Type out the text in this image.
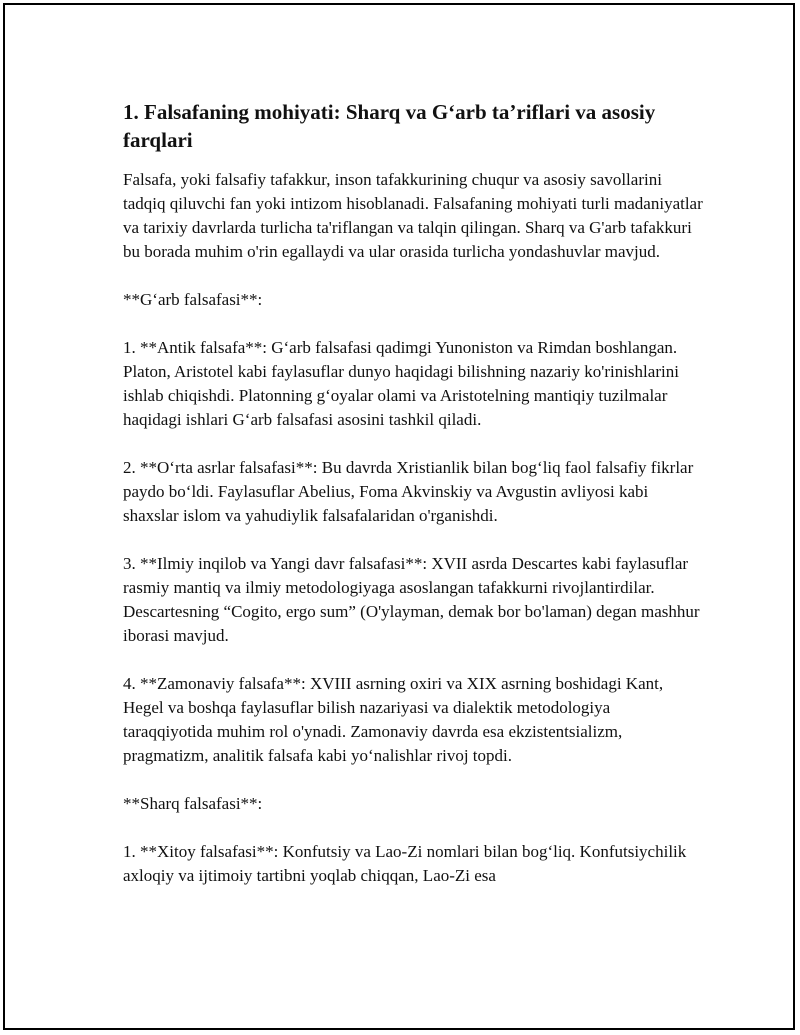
1. Falsafaning mohiyati: Sharq va G‘arb ta’riflari va asosiy farqlari

Falsafa, yoki falsafiy tafakkur, inson tafakkurining chuqur va asosiy savollarini tadqiq qiluvchi fan yoki intizom hisoblanadi. Falsafaning mohiyati turli madaniyatlar va tarixiy davrlarda turlicha ta'riflangan va talqin qilingan. Sharq va G'arb tafakkuri bu borada muhim o'rin egallaydi va ular orasida turlicha yondashuvlar mavjud.

**G‘arb falsafasi**:

1. **Antik falsafa**: G‘arb falsafasi qadimgi Yunoniston va Rimdan boshlangan. Platon, Aristotel kabi faylasuflar dunyo haqidagi bilishning nazariy ko'rinishlarini ishlab chiqishdi. Platonning g‘oyalar olami va Aristotelning mantiqiy tuzilmalar haqidagi ishlari G‘arb falsafasi asosini tashkil qiladi.

2. **O‘rta asrlar falsafasi**: Bu davrda Xristianlik bilan bog‘liq faol falsafiy fikrlar paydo bo‘ldi. Faylasuflar Abelius, Foma Akvinskiy va Avgustin avliyosi kabi shaxslar islom va yahudiylik falsafalaridan o'rganishdi.

3. **Ilmiy inqilob va Yangi davr falsafasi**: XVII asrda Descartes kabi faylasuflar rasmiy mantiq va ilmiy metodologiyaga asoslangan tafakkurni rivojlantirdilar. Descartesning “Cogito, ergo sum” (O'ylayman, demak bor bo'laman) degan mashhur iborasi mavjud.

4. **Zamonaviy falsafa**: XVIII asrning oxiri va XIX asrning boshidagi Kant, Hegel va boshqa faylasuflar bilish nazariyasi va dialektik metodologiya taraqqiyotida muhim rol o'ynadi. Zamonaviy davrda esa ekzistentsializm, pragmatizm, analitik falsafa kabi yo‘nalishlar rivoj topdi.

**Sharq falsafasi**:

1. **Xitoy falsafasi**: Konfutsiy va Lao-Zi nomlari bilan bog‘liq. Konfutsiychilik axloqiy va ijtimoiy tartibni yoqlab chiqqan, Lao-Zi esa
